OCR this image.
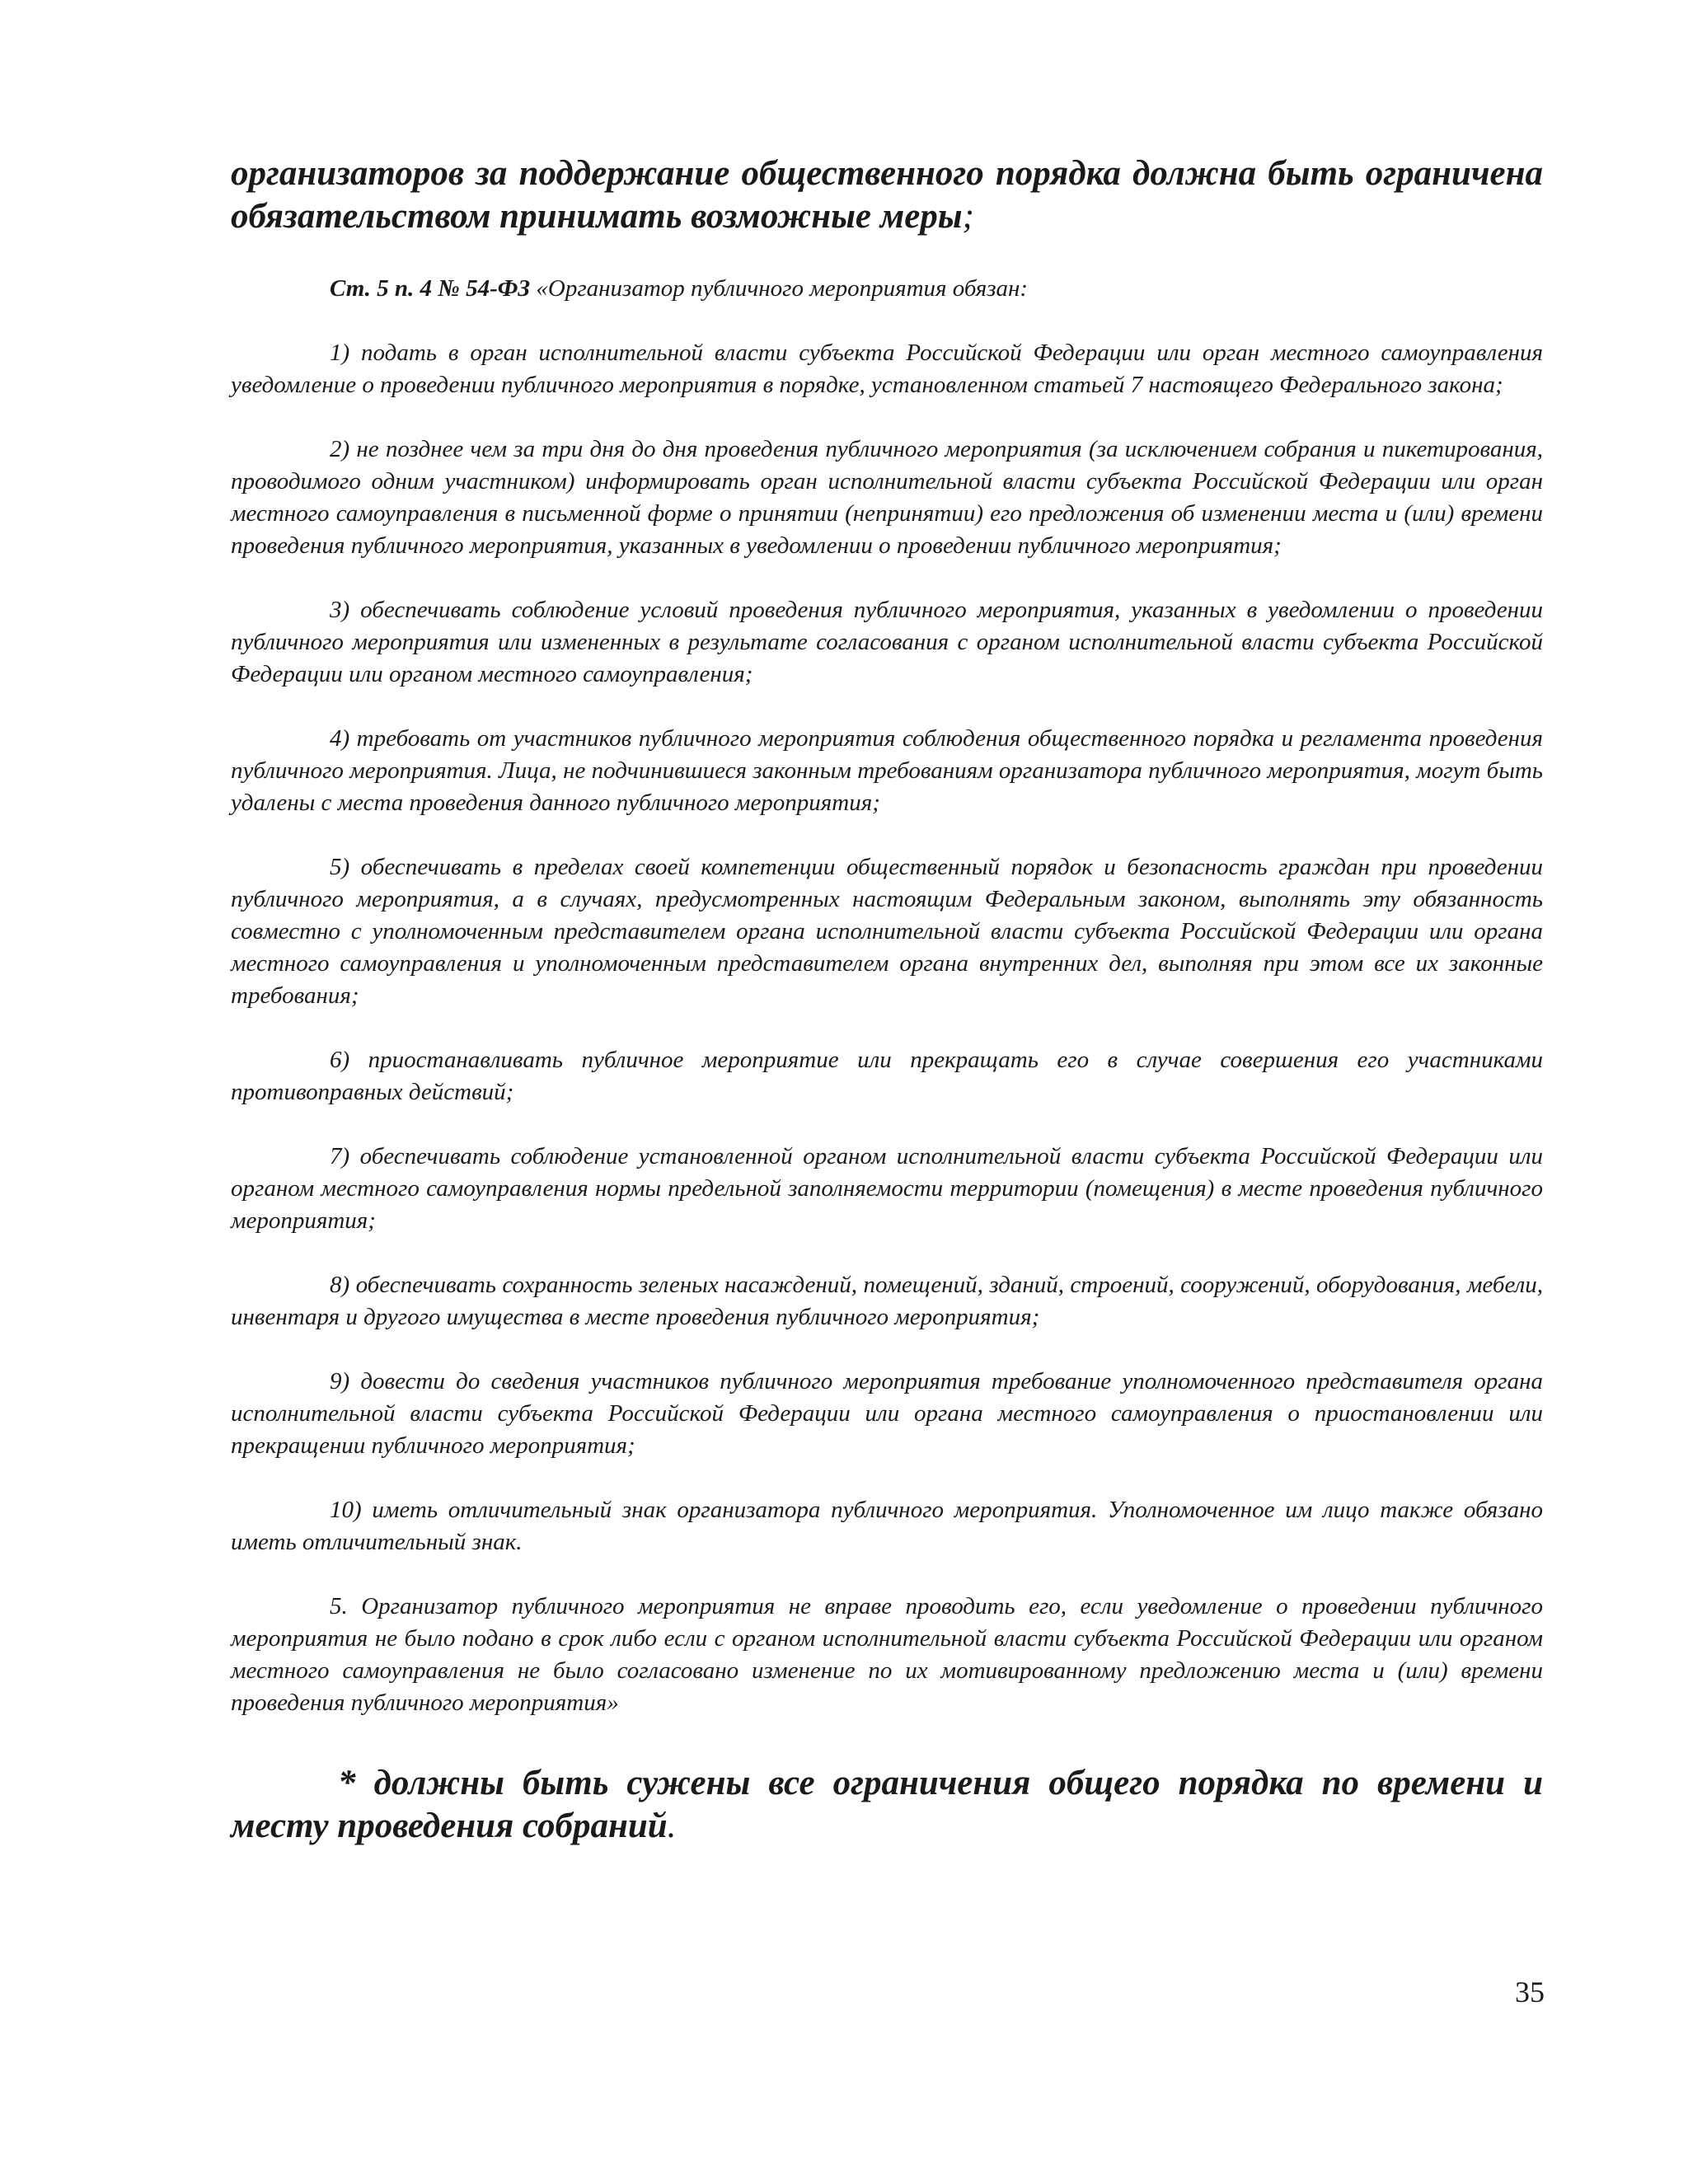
организаторов за поддержание общественного порядка должна быть ограничена обязательством принимать возможные меры;

Ст. 5 п. 4 № 54-ФЗ «Организатор публичного мероприятия обязан:

1) подать в орган исполнительной власти субъекта Российской Федерации или орган местного самоуправления уведомление о проведении публичного мероприятия в порядке, установленном статьей 7 настоящего Федерального закона;

2) не позднее чем за три дня до дня проведения публичного мероприятия (за исключением собрания и пикетирования, проводимого одним участником) информировать орган исполнительной власти субъекта Российской Федерации или орган местного самоуправления в письменной форме о принятии (непринятии) его предложения об изменении места и (или) времени проведения публичного мероприятия, указанных в уведомлении о проведении публичного мероприятия;

3) обеспечивать соблюдение условий проведения публичного мероприятия, указанных в уведомлении о проведении публичного мероприятия или измененных в результате согласования с органом исполнительной власти субъекта Российской Федерации или органом местного самоуправления;

4) требовать от участников публичного мероприятия соблюдения общественного порядка и регламента проведения публичного мероприятия. Лица, не подчинившиеся законным требованиям организатора публичного мероприятия, могут быть удалены с места проведения данного публичного мероприятия;

5) обеспечивать в пределах своей компетенции общественный порядок и безопасность граждан при проведении публичного мероприятия, а в случаях, предусмотренных настоящим Федеральным законом, выполнять эту обязанность совместно с уполномоченным представителем органа исполнительной власти субъекта Российской Федерации или органа местного самоуправления и уполномоченным представителем органа внутренних дел, выполняя при этом все их законные требования;

6) приостанавливать публичное мероприятие или прекращать его в случае совершения его участниками противоправных действий;

7) обеспечивать соблюдение установленной органом исполнительной власти субъекта Российской Федерации или органом местного самоуправления нормы предельной заполняемости территории (помещения) в месте проведения публичного мероприятия;

8) обеспечивать сохранность зеленых насаждений, помещений, зданий, строений, сооружений, оборудования, мебели, инвентаря и другого имущества в месте проведения публичного мероприятия;

9) довести до сведения участников публичного мероприятия требование уполномоченного представителя органа исполнительной власти субъекта Российской Федерации или органа местного самоуправления о приостановлении или прекращении публичного мероприятия;

10) иметь отличительный знак организатора публичного мероприятия. Уполномоченное им лицо также обязано иметь отличительный знак.

5. Организатор публичного мероприятия не вправе проводить его, если уведомление о проведении публичного мероприятия не было подано в срок либо если с органом исполнительной власти субъекта Российской Федерации или органом местного самоуправления не было согласовано изменение по их мотивированному предложению места и (или) времени проведения публичного мероприятия»

* должны быть сужены все ограничения общего порядка по времени и месту проведения собраний.

35
